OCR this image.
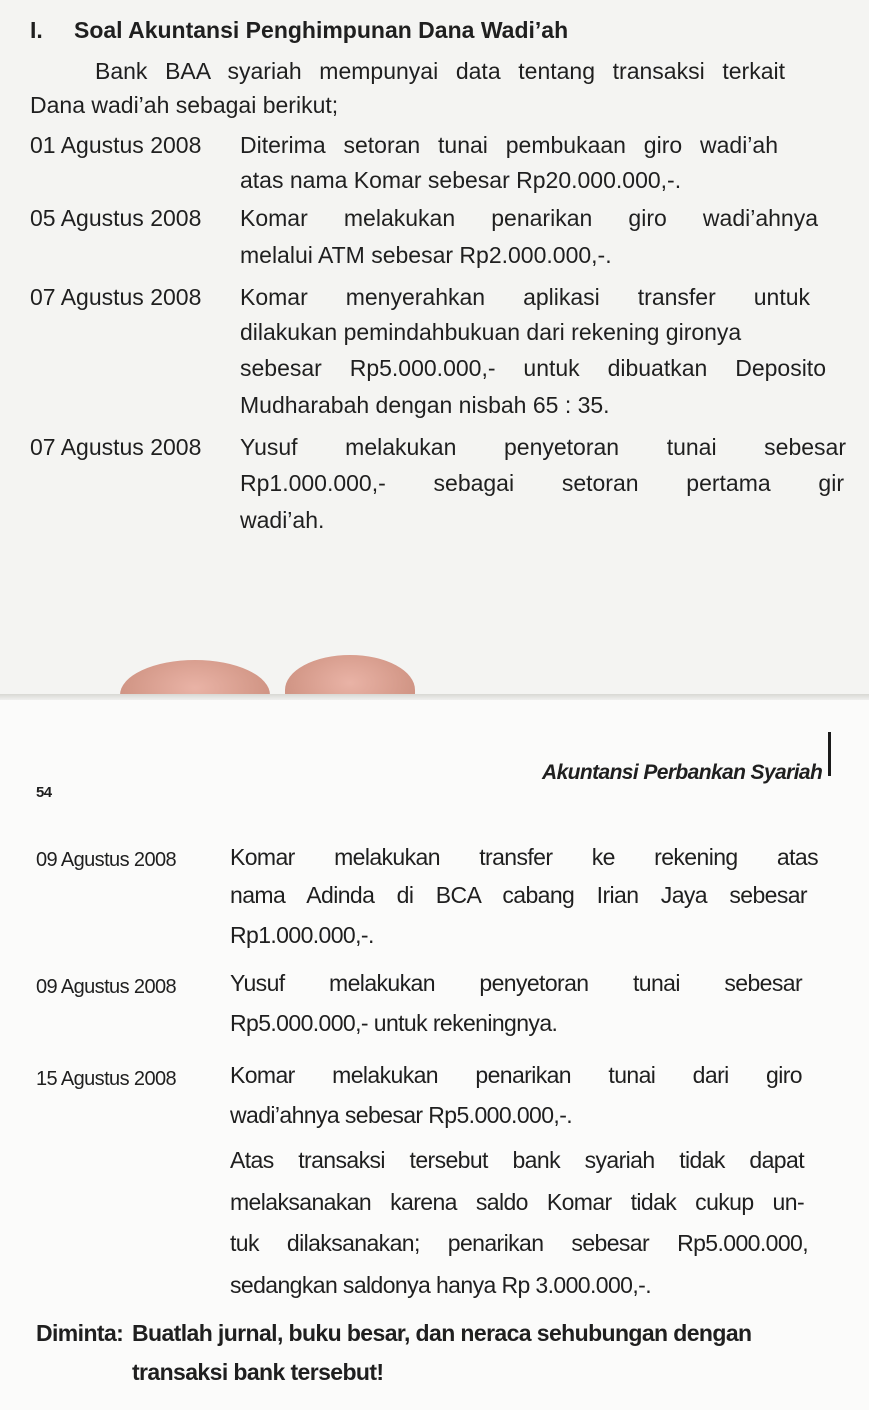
I. Soal Akuntansi Penghimpunan Dana Wadi’ah
Bank BAA syariah mempunyai data tentang transaksi terkait
Dana wadi’ah sebagai berikut;
01 Agustus 2008 Diterima setoran tunai pembukaan giro wadi’ah
atas nama Komar sebesar Rp20.000.000,-.
05 Agustus 2008 Komar melakukan penarikan giro wadi’ahnya
melalui ATM sebesar Rp2.000.000,-.
07 Agustus 2008 Komar menyerahkan aplikasi transfer untuk
dilakukan pemindahbukuan dari rekening gironya
sebesar Rp5.000.000,- untuk dibuatkan Deposito
Mudharabah dengan nisbah 65 : 35.
07 Agustus 2008 Yusuf melakukan penyetoran tunai sebesar
Rp1.000.000,- sebagai setoran pertama gir
wadi’ah.
54
Akuntansi Perbankan Syariah
09 Agustus 2008 Komar melakukan transfer ke rekening atas
nama Adinda di BCA cabang Irian Jaya sebesar
Rp1.000.000,-.
09 Agustus 2008 Yusuf melakukan penyetoran tunai sebesar
Rp5.000.000,- untuk rekeningnya.
15 Agustus 2008 Komar melakukan penarikan tunai dari giro
wadi’ahnya sebesar Rp5.000.000,-.
Atas transaksi tersebut bank syariah tidak dapat
melaksanakan karena saldo Komar tidak cukup un-
tuk dilaksanakan; penarikan sebesar Rp5.000.000,
sedangkan saldonya hanya Rp 3.000.000,-.
Diminta: Buatlah jurnal, buku besar, dan neraca sehubungan dengan
transaksi bank tersebut!
